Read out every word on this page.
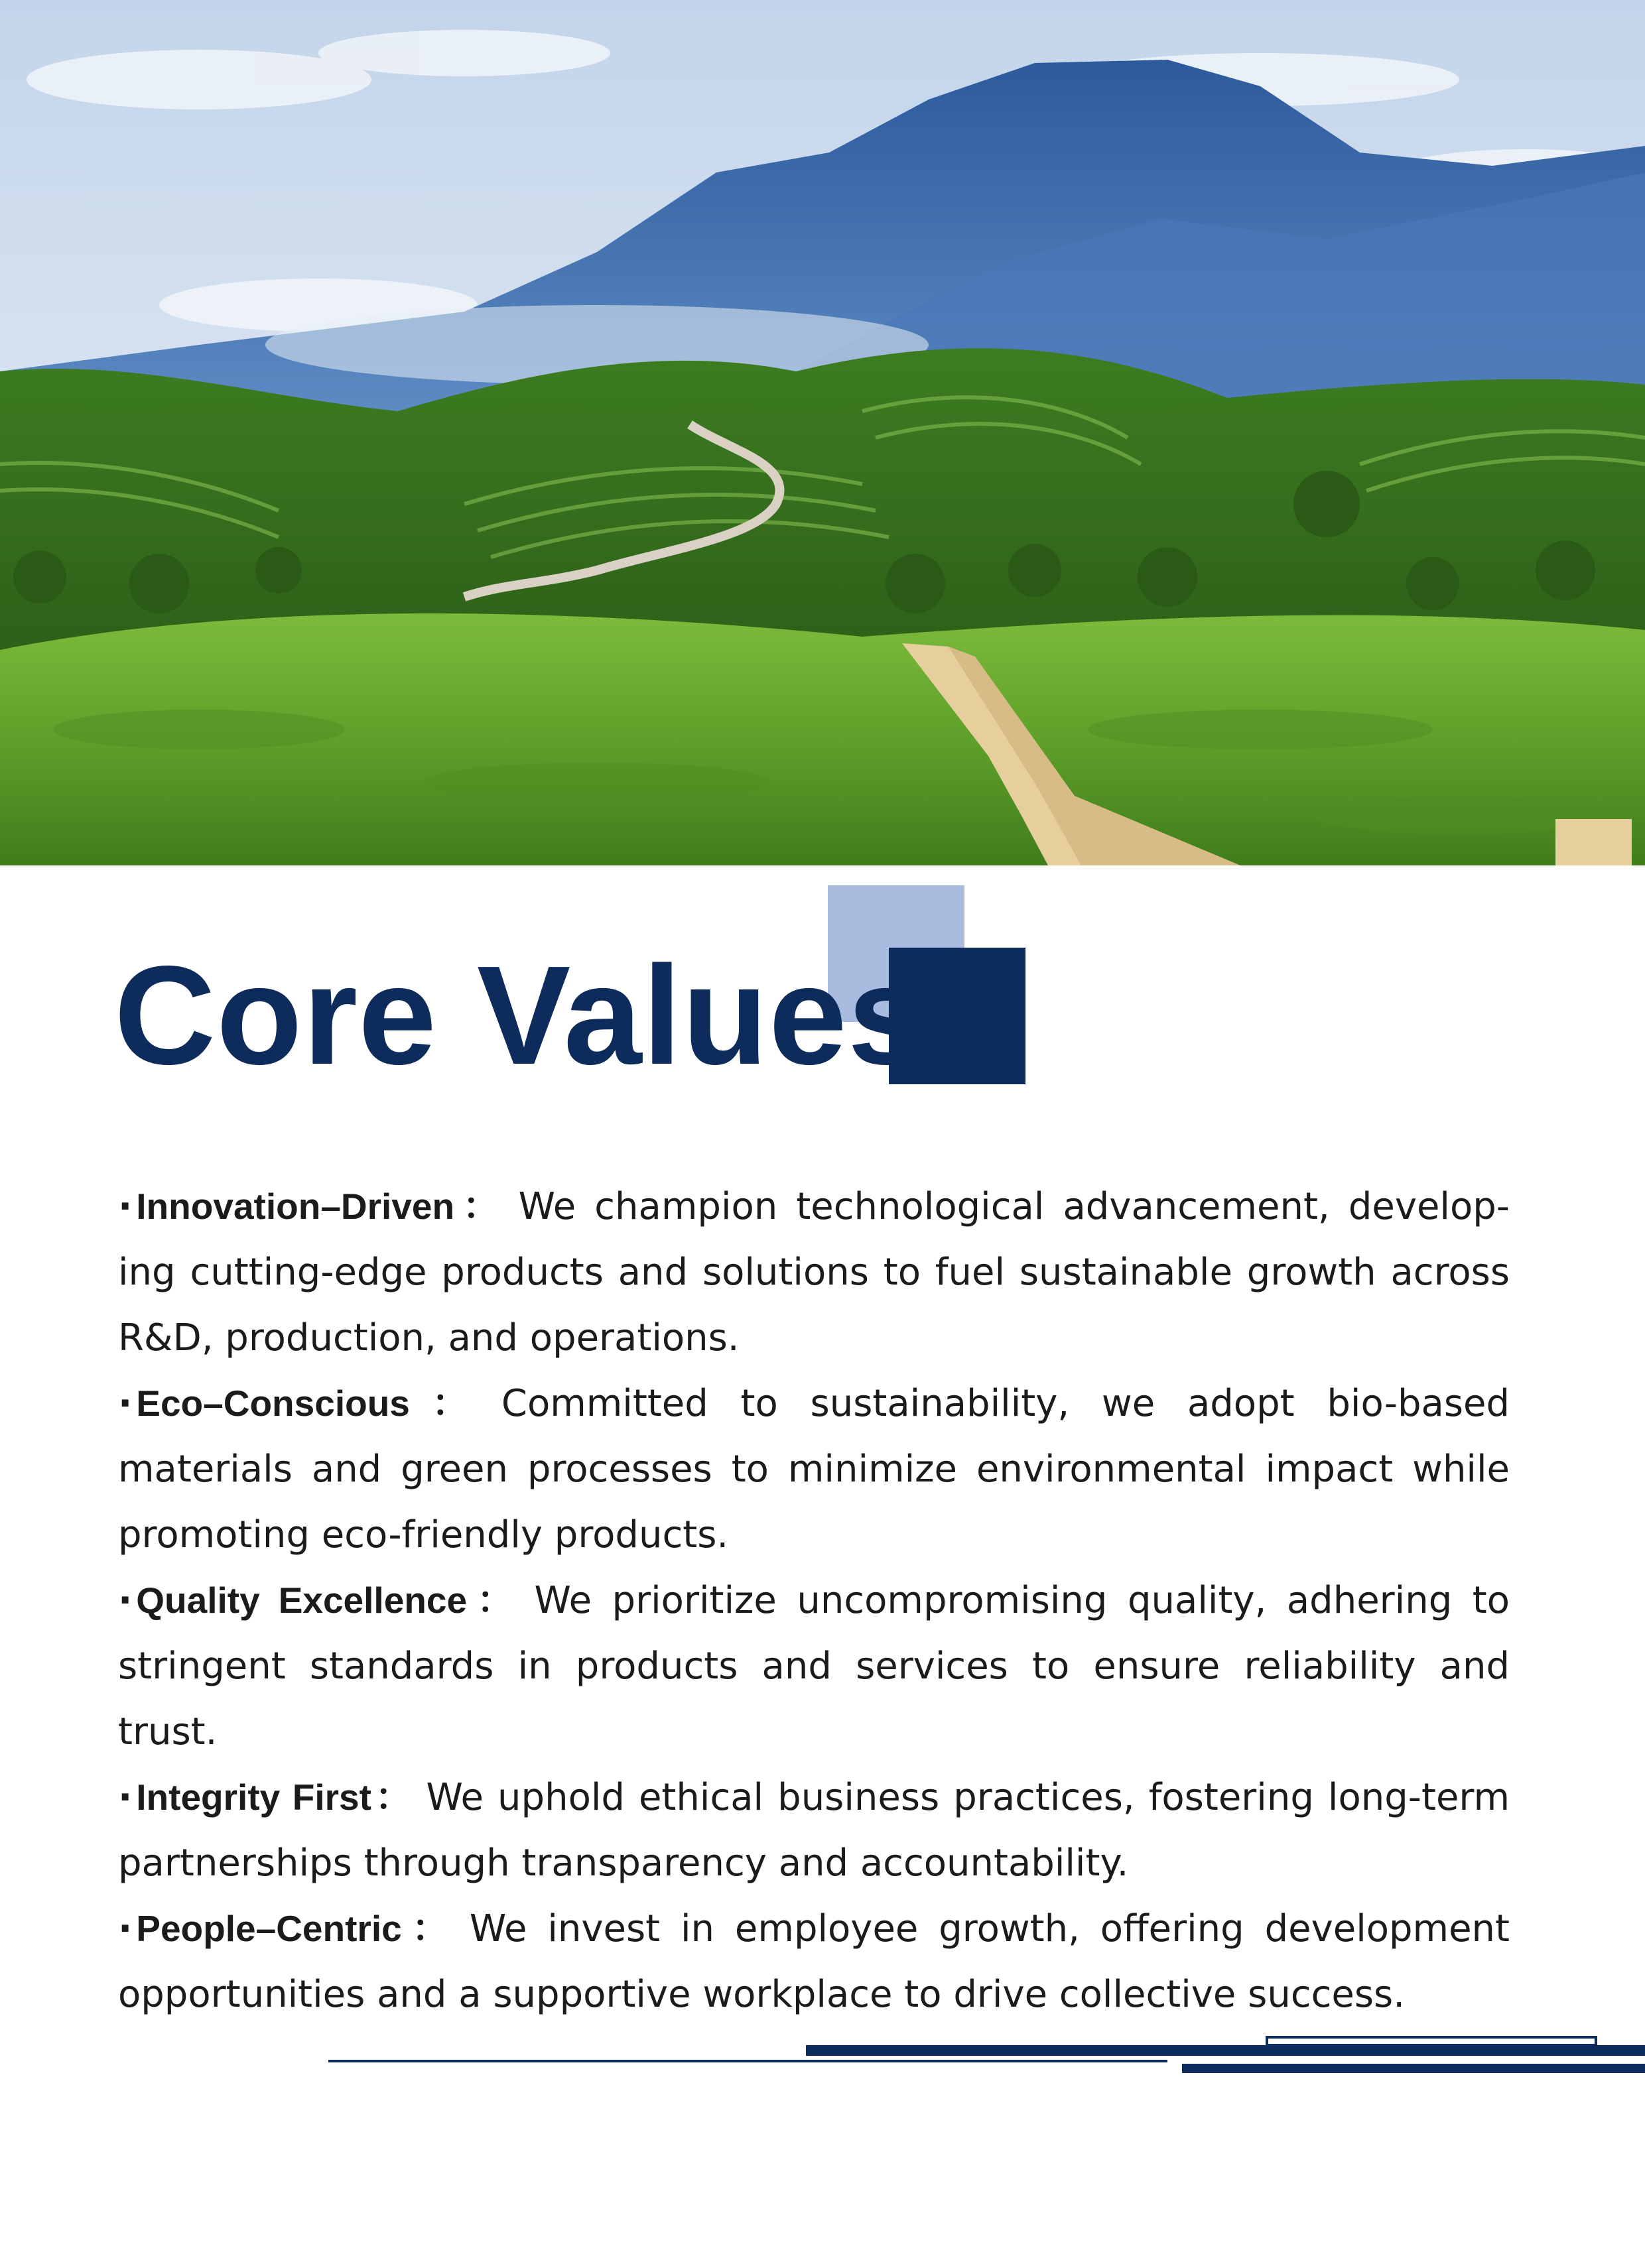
Core Values

· Innovation–Driven： We champion technological advancement, developing cutting-edge products and solutions to fuel sustainable growth across R&D, production, and operations.

· Eco–Conscious： Committed to sustainability, we adopt bio-based materials and green processes to minimize environmental impact while promoting eco-friendly products.

· Quality Excellence： We prioritize uncompromising quality, adhering to stringent standards in products and services to ensure reliability and trust.

· Integrity First： We uphold ethical business practices, fostering long-term partnerships through transparency and accountability.

· People–Centric： We invest in employee growth, offering development opportunities and a supportive workplace to drive collective success.
